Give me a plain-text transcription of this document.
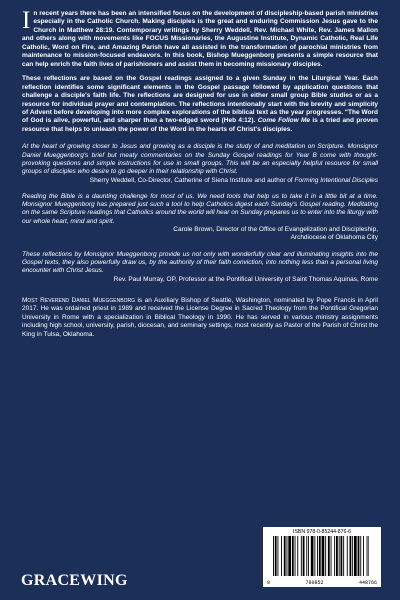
In recent years there has been an intensified focus on the development of discipleship-based parish ministries especially in the Catholic Church. Making disciples is the great and enduring Commission Jesus gave to the Church in Matthew 28:19. Contemporary writings by Sherry Weddell, Rev. Michael White, Rev. James Mallon and others along with movements like FOCUS Missionaries, the Augustine Institute, Dynamic Catholic, Real Life Catholic, Word on Fire, and Amazing Parish have all assisted in the transformation of parochial ministries from maintenance to mission-focused endeavors. In this book, Bishop Mueggenborg presents a simple resource that can help enrich the faith lives of parishioners and assist them in becoming missionary disciples.

These reflections are based on the Gospel readings assigned to a given Sunday in the Liturgical Year. Each reflection identifies some significant elements in the Gospel passage followed by application questions that challenge a disciple's faith life. The reflections are designed for use in either small group Bible studies or as a resource for individual prayer and contemplation. The reflections intentionally start with the brevity and simplicity of Advent before developing into more complex explorations of the biblical text as the year progresses. "The Word of God is alive, powerful, and sharper than a two-edged sword (Heb 4:12). Come Follow Me is a tried and proven resource that helps to unleash the power of the Word in the hearts of Christ's disciples.

At the heart of growing closer to Jesus and growing as a disciple is the study of and meditation on Scripture. Monsignor Daniel Mueggenborg's brief but meaty commentaries on the Sunday Gospel readings for Year B come with thought-provoking questions and simple instructions for use in small groups. This will be an especially helpful resource for small groups of disciples who desire to go deeper in their relationship with Christ.

Sherry Weddell, Co-Director, Catherine of Siena Institute and author of Forming Intentional Disciples

Reading the Bible is a daunting challenge for most of us. We need tools that help us to take it in a little bit at a time. Monsignor Mueggenborg has prepared just such a tool to help Catholics digest each Sunday's Gospel reading. Meditating on the same Scripture readings that Catholics around the world will hear on Sunday prepares us to enter into the liturgy with our whole heart, mind and spirit.

Carole Brown, Director of the Office of Evangelization and Discipleship,

Archdiocese of Oklahoma City

These reflections by Monsignor Mueggenborg provide us not only with wonderfully clear and illuminating insights into the Gospel texts, they also powerfully draw us, by the authority of their faith conviction, into nothing less than a personal living encounter with Christ Jesus.

Rev. Paul Murray, OP, Professor at the Pontifical University of Saint Thomas Aquinas, Rome

Most Reverend Daniel Mueggenborg is an Auxiliary Bishop of Seattle, Washington, nominated by Pope Francis in April 2017. He was ordained priest in 1989 and received the License Degree in Sacred Theology from the Pontifical Gregorian University in Rome with a specialization in Biblical Theology in 1990. He has served in various ministry assignments including high school, university, parish, diocesan, and seminary settings, most recently as Pastor of the Parish of Christ the King in Tulsa, Oklahoma.

ISBN 978-0-85244-876-6
9	780852	448766
GRACEWING
